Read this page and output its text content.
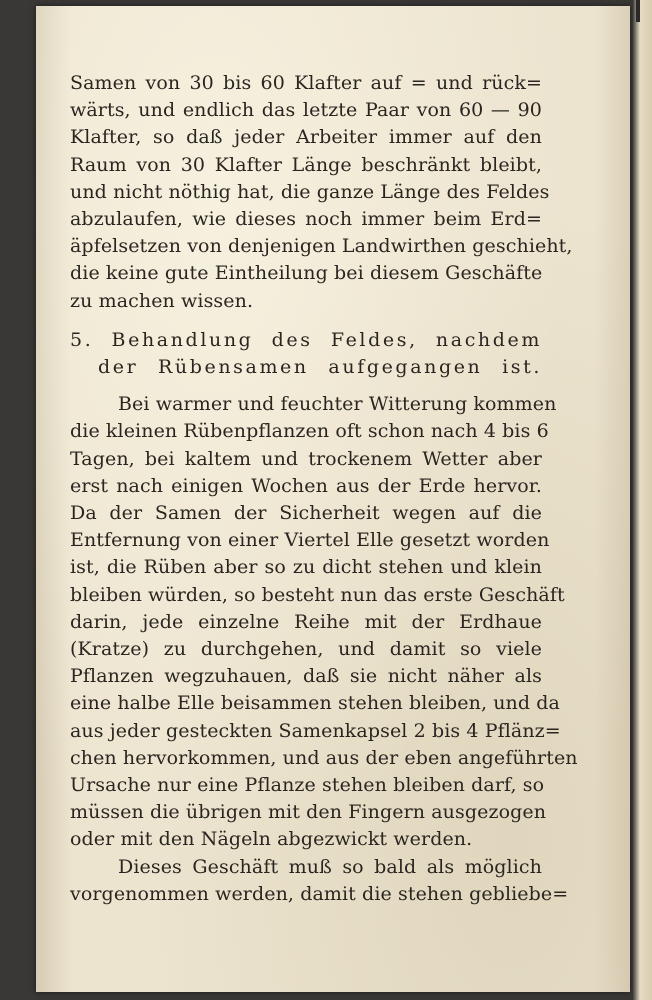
Samen von 30 bis 60 Klafter auf = und rück=
wärts, und endlich das letzte Paar von 60 — 90
Klafter, so daß jeder Arbeiter immer auf den
Raum von 30 Klafter Länge beschränkt bleibt,
und nicht nöthig hat, die ganze Länge des Feldes
abzulaufen, wie dieses noch immer beim Erd=
äpfelsetzen von denjenigen Landwirthen geschieht,
die keine gute Eintheilung bei diesem Geschäfte
zu machen wissen.
5. Behandlung des Feldes, nachdem
der Rübensamen aufgegangen ist.
Bei warmer und feuchter Witterung kommen
die kleinen Rübenpflanzen oft schon nach 4 bis 6
Tagen, bei kaltem und trockenem Wetter aber
erst nach einigen Wochen aus der Erde hervor.
Da der Samen der Sicherheit wegen auf die
Entfernung von einer Viertel Elle gesetzt worden
ist, die Rüben aber so zu dicht stehen und klein
bleiben würden, so besteht nun das erste Geschäft
darin, jede einzelne Reihe mit der Erdhaue
(Kratze) zu durchgehen, und damit so viele
Pflanzen wegzuhauen, daß sie nicht näher als
eine halbe Elle beisammen stehen bleiben, und da
aus jeder gesteckten Samenkapsel 2 bis 4 Pflänz=
chen hervorkommen, und aus der eben angeführten
Ursache nur eine Pflanze stehen bleiben darf, so
müssen die übrigen mit den Fingern ausgezogen
oder mit den Nägeln abgezwickt werden.
Dieses Geschäft muß so bald als möglich
vorgenommen werden, damit die stehen gebliebe=
